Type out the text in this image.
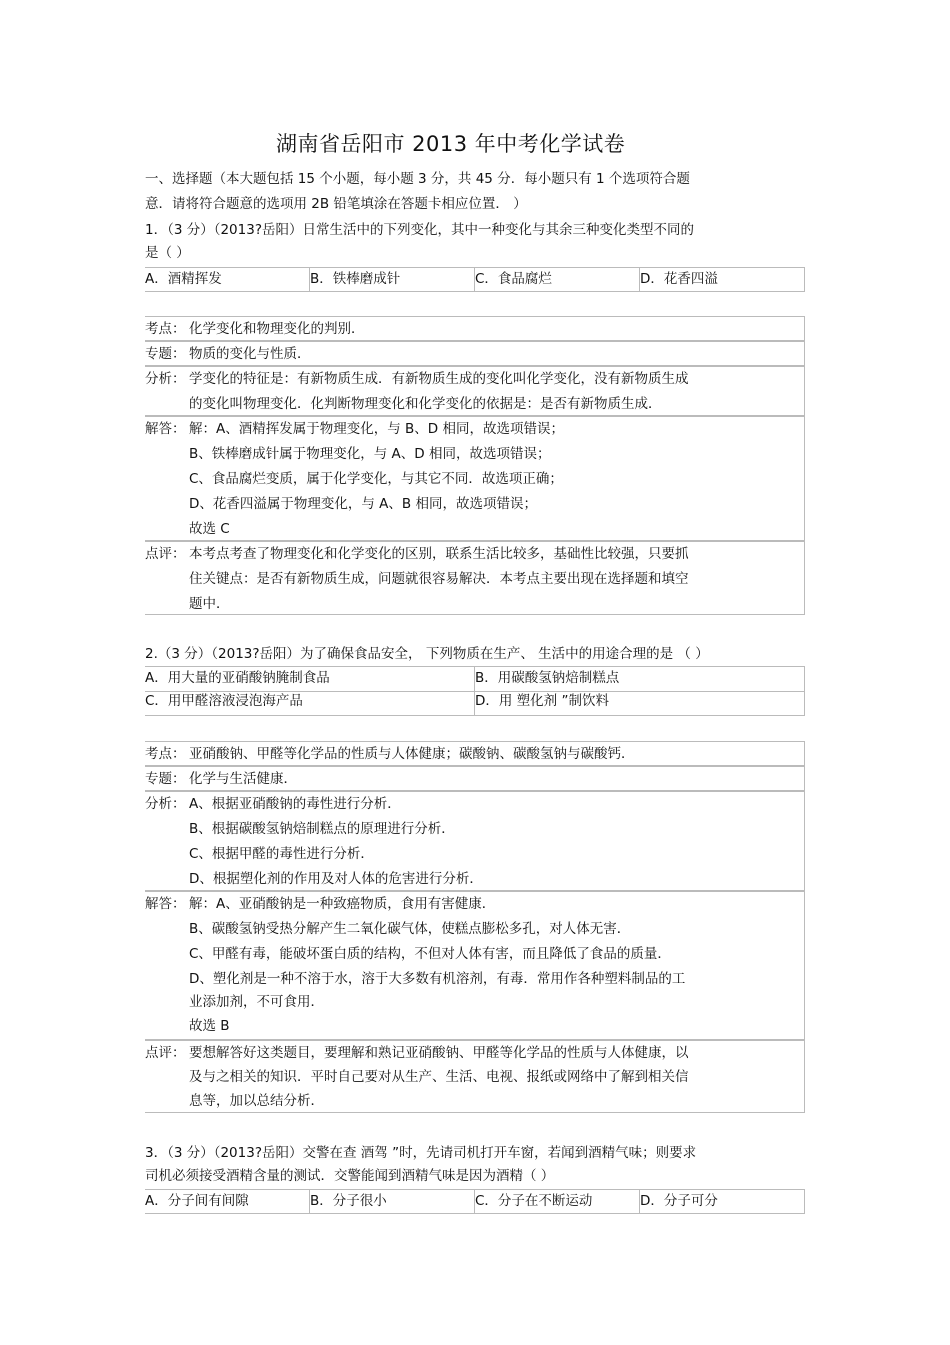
湖南省岳阳市 2013 年中考化学试卷
一、选择题（本大题包括 15 个小题，每小题 3 分，共 45 分．每小题只有 1 个选项符合题
意．请将符合题意的选项用 2B 铅笔填涂在答题卡相应位置． ）
1．（3 分）（2013?岳阳）日常生活中的下列变化，其中一种变化与其余三种变化类型不同的
是（ ）
A．酒精挥发	B．铁棒磨成针	C．食品腐烂	D．花香四溢
考点： 化学变化和物理变化的判别．
专题： 物质的变化与性质．
分析： 学变化的特征是：有新物质生成．有新物质生成的变化叫化学变化，没有新物质生成
的变化叫物理变化．化判断物理变化和化学变化的依据是：是否有新物质生成．
解答： 解：A、酒精挥发属于物理变化，与 B、D 相同，故选项错误；
B、铁棒磨成针属于物理变化，与 A、D 相同，故选项错误；
C、食品腐烂变质，属于化学变化，与其它不同．故选项正确；
D、花香四溢属于物理变化，与 A、B 相同，故选项错误；
故选 C
点评： 本考点考查了物理变化和化学变化的区别，联系生活比较多，基础性比较强，只要抓
住关键点：是否有新物质生成，问题就很容易解决．本考点主要出现在选择题和填空
题中．
2.（3 分）（2013?岳阳）为了确保食品安全， 下列物质在生产、 生活中的用途合理的是 （ ）
A．用大量的亚硝酸钠腌制食品	B．用碳酸氢钠焙制糕点
C．用甲醛溶液浸泡海产品	D．用 塑化剂 ”制饮料
考点： 亚硝酸钠、甲醛等化学品的性质与人体健康；碳酸钠、碳酸氢钠与碳酸钙．
专题： 化学与生活健康．
分析： A、根据亚硝酸钠的毒性进行分析．
B、根据碳酸氢钠焙制糕点的原理进行分析．
C、根据甲醛的毒性进行分析．
D、根据塑化剂的作用及对人体的危害进行分析．
解答： 解：A、亚硝酸钠是一种致癌物质，食用有害健康．
B、碳酸氢钠受热分解产生二氧化碳气体，使糕点膨松多孔，对人体无害．
C、甲醛有毒，能破坏蛋白质的结构，不但对人体有害，而且降低了食品的质量．
D、塑化剂是一种不溶于水，溶于大多数有机溶剂，有毒．常用作各种塑料制品的工
业添加剂，不可食用．
故选 B
点评： 要想解答好这类题目，要理解和熟记亚硝酸钠、甲醛等化学品的性质与人体健康，以
及与之相关的知识．平时自己要对从生产、生活、电视、报纸或网络中了解到相关信
息等，加以总结分析．
3．（3 分）（2013?岳阳）交警在查 酒驾 ”时，先请司机打开车窗，若闻到酒精气味；则要求
司机必须接受酒精含量的测试．交警能闻到酒精气味是因为酒精（ ）
A．分子间有间隙	B．分子很小	C．分子在不断运动	D．分子可分
